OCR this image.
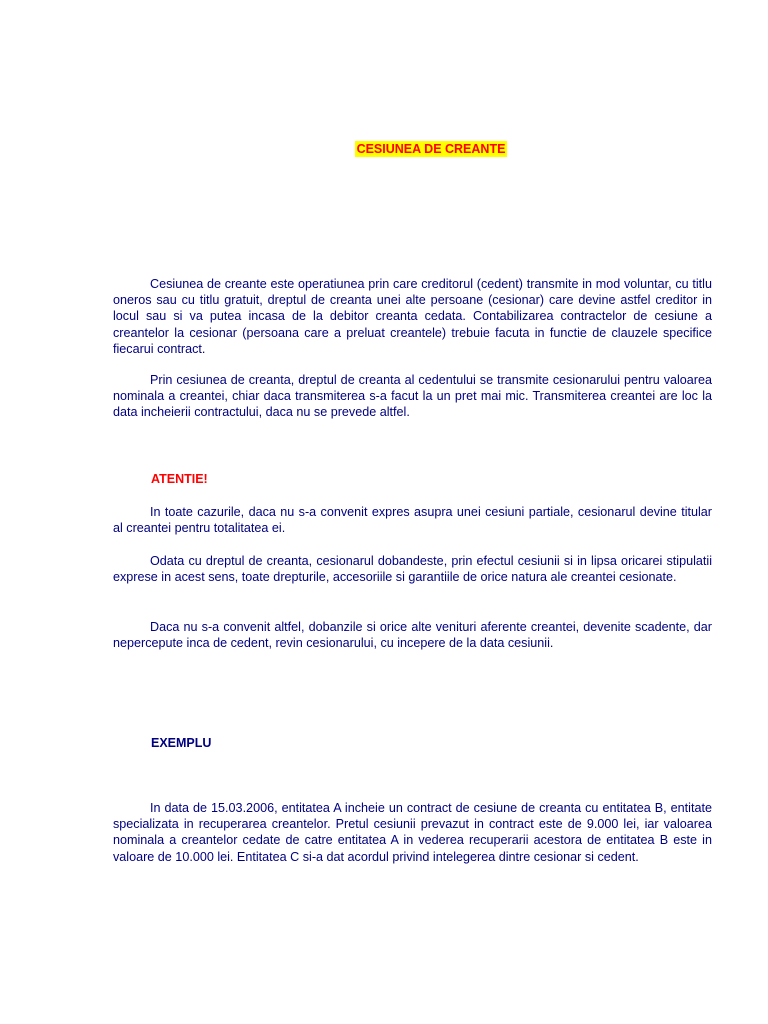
CESIUNEA DE CREANTE

Cesiunea de creante este operatiunea prin care creditorul (cedent) transmite in mod voluntar, cu titlu oneros sau cu titlu gratuit, dreptul de creanta unei alte persoane (cesionar) care devine astfel creditor in locul sau si va putea incasa de la debitor creanta cedata. Contabilizarea contractelor de cesiune a creantelor la cesionar (persoana care a preluat creantele) trebuie facuta in functie de clauzele specifice fiecarui contract.

Prin cesiunea de creanta, dreptul de creanta al cedentului se transmite cesionarului pentru valoarea nominala a creantei, chiar daca transmiterea s-a facut la un pret mai mic. Transmiterea creantei are loc la data incheierii contractului, daca nu se prevede altfel.

ATENTIE!

In toate cazurile, daca nu s-a convenit expres asupra unei cesiuni partiale, cesionarul devine titular al creantei pentru totalitatea ei.

Odata cu dreptul de creanta, cesionarul dobandeste, prin efectul cesiunii si in lipsa oricarei stipulatii exprese in acest sens, toate drepturile, accesoriile si garantiile de orice natura ale creantei cesionate.

Daca nu s-a convenit altfel, dobanzile si orice alte venituri aferente creantei, devenite scadente, dar nepercepute inca de cedent, revin cesionarului, cu incepere de la data cesiunii.

EXEMPLU

In data de 15.03.2006, entitatea A incheie un contract de cesiune de creanta cu entitatea B, entitate specializata in recuperarea creantelor. Pretul cesiunii prevazut in contract este de 9.000 lei, iar valoarea nominala a creantelor cedate de catre entitatea A in vederea recuperarii acestora de entitatea B este in valoare de 10.000 lei. Entitatea C si-a dat acordul privind intelegerea dintre cesionar si cedent.
